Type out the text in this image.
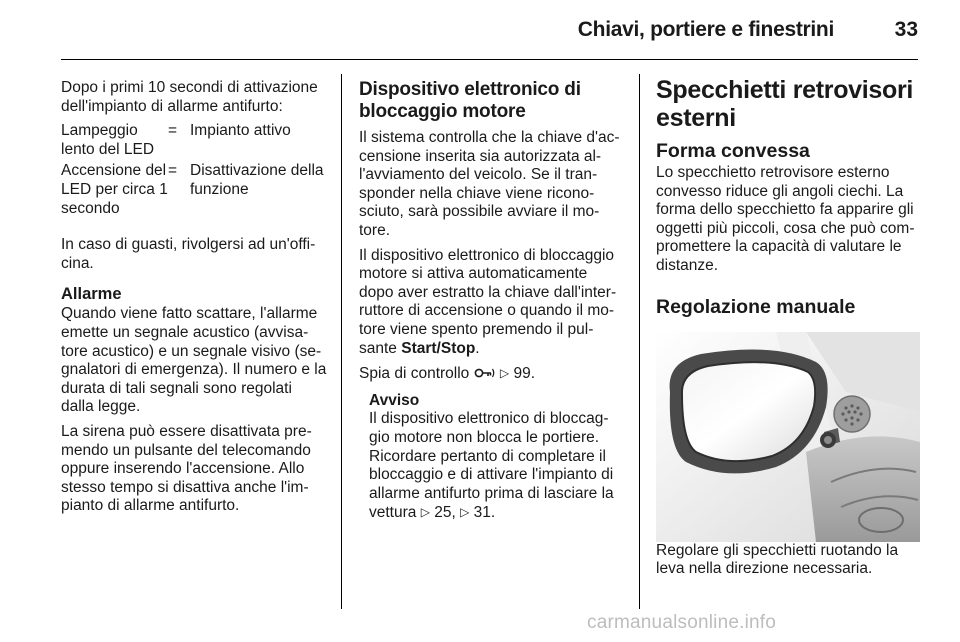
Chiavi, portiere e finestrini	33

Dopo i primi 10 secondi di attivazione dell'impianto di allarme antifurto:

Lampeggio lento del LED
= Impianto attivo
Accensione del LED per circa 1 secondo
= Disattivazione della funzione

In caso di guasti, rivolgersi ad un'offi-cina.

Allarme

Quando viene fatto scattare, l'allarme emette un segnale acustico (avvisa-tore acustico) e un segnale visivo (se-gnalatori di emergenza). Il numero e la durata di tali segnali sono regolati dalla legge.

La sirena può essere disattivata pre-mendo un pulsante del telecomando oppure inserendo l'accensione. Allo stesso tempo si disattiva anche l'im-pianto di allarme antifurto.

Dispositivo elettronico di bloccaggio motore

Il sistema controlla che la chiave d'ac-censione inserita sia autorizzata al-l'avviamento del veicolo. Se il tran-sponder nella chiave viene ricono-sciuto, sarà possibile avviare il mo-tore.

Il dispositivo elettronico di bloccaggio motore si attiva automaticamente dopo aver estratto la chiave dall'inter-ruttore di accensione o quando il mo-tore viene spento premendo il pul-sante Start/Stop.

Spia di controllo	▷ 99.

Avviso
Il dispositivo elettronico di bloccag-gio motore non blocca le portiere. Ricordare pertanto di completare il bloccaggio e di attivare l'impianto di allarme antifurto prima di lasciare la vettura ▷ 25, ▷ 31.
Specchietti retrovisori esterni
Forma convessa

Lo specchietto retrovisore esterno convesso riduce gli angoli ciechi. La forma dello specchietto fa apparire gli oggetti più piccoli, cosa che può com-promettere la capacità di valutare le distanze.

Regolazione manuale

Regolare gli specchietti ruotando la leva nella direzione necessaria.

carmanualsonline.info
